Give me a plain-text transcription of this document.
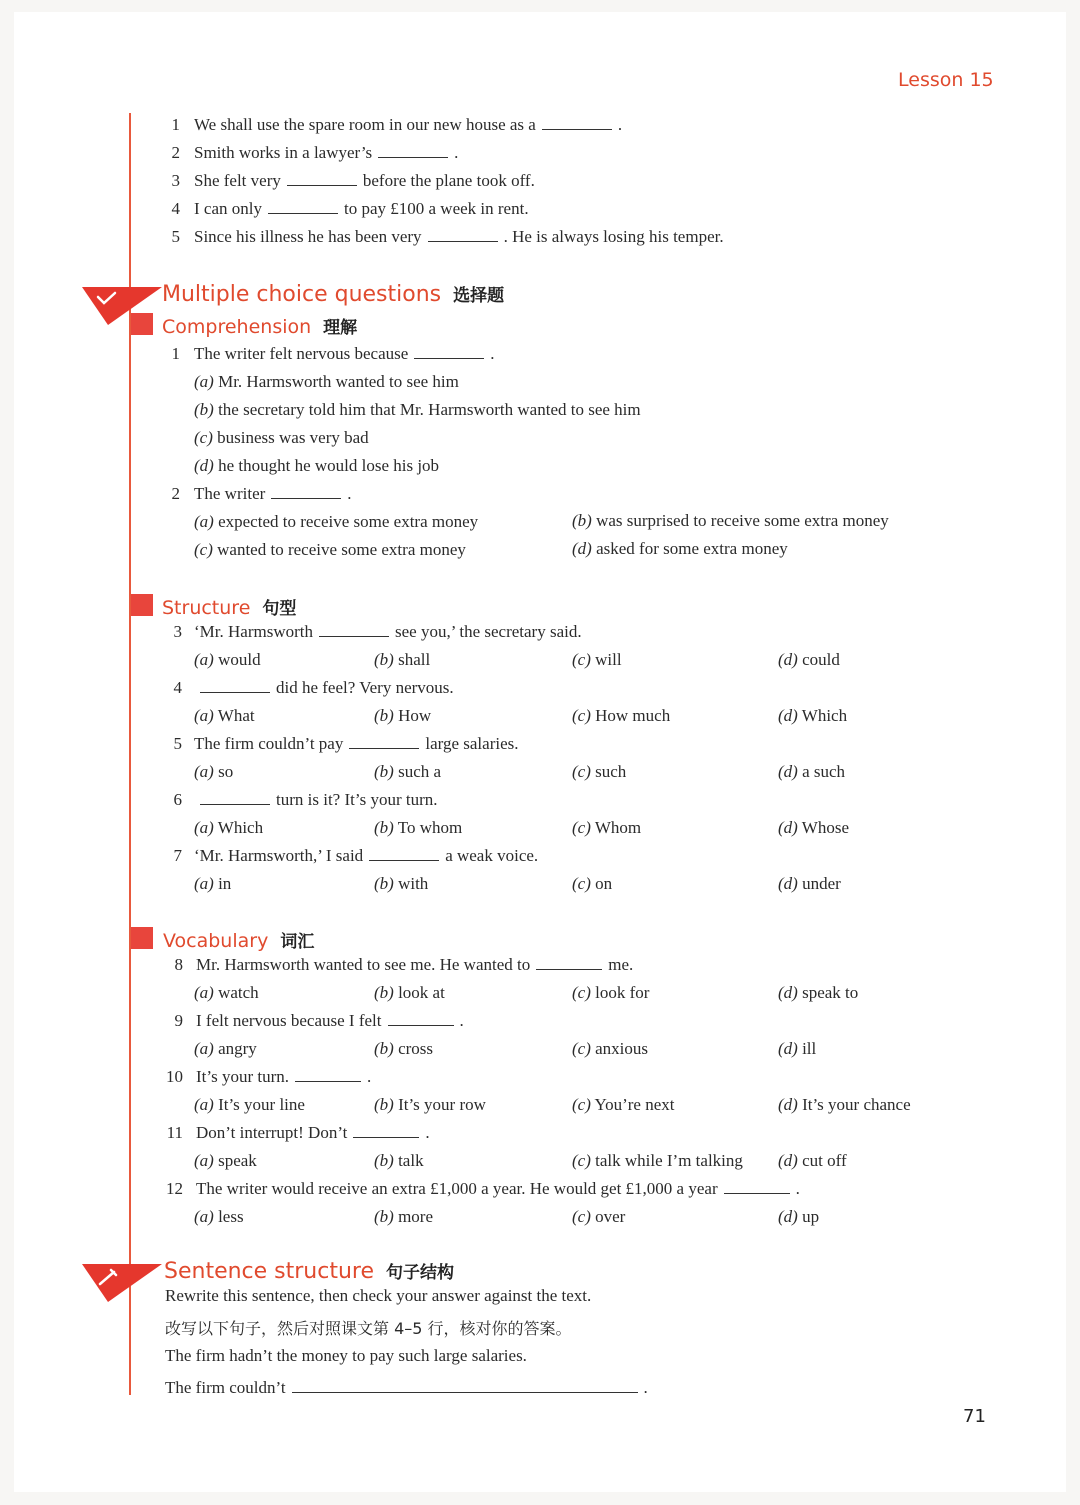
Lesson 15
1 We shall use the spare room in our new house as a	.
2 Smith works in a lawyer’s	.
3 She felt very	before the plane took off.
4 I can only	to pay £100 a week in rent.
5 Since his illness he has been very	. He is always losing his temper.
Multiple choice questions 选择题
Comprehension 理解
1 The writer felt nervous because	.
(a) Mr. Harmsworth wanted to see him
(b) the secretary told him that Mr. Harmsworth wanted to see him
(c) business was very bad
(d) he thought he would lose his job
2 The writer	.
(a) expected to receive some extra money	(b) was surprised to receive some extra money
(c) wanted to receive some extra money	(d) asked for some extra money
Structure 句型
3 ‘Mr. Harmsworth	see you,’ the secretary said.
(a) would	(b) shall	(c) will	(d) could
4	did he feel? Very nervous.
(a) What	(b) How	(c) How much	(d) Which
5 The firm couldn’t pay	large salaries.
(a) so	(b) such a	(c) such	(d) a such
6	turn is it? It’s your turn.
(a) Which	(b) To whom	(c) Whom	(d) Whose
7 ‘Mr. Harmsworth,’ I said	a weak voice.
(a) in	(b) with	(c) on	(d) under
Vocabulary 词汇
8 Mr. Harmsworth wanted to see me. He wanted to	me.
(a) watch	(b) look at	(c) look for	(d) speak to
9 I felt nervous because I felt	.
(a) angry	(b) cross	(c) anxious	(d) ill
10 It’s your turn.	.
(a) It’s your line	(b) It’s your row	(c) You’re next	(d) It’s your chance
11 Don’t interrupt! Don’t	.
(a) speak	(b) talk	(c) talk while I’m talking (d) cut off
12 The writer would receive an extra £1,000 a year. He would get £1,000 a year	.
(a) less	(b) more	(c) over	(d) up
Sentence structure 句子结构
Rewrite this sentence, then check your answer against the text.
改写以下句子，然后对照课文第 4–5 行，核对你的答案。
The firm hadn’t the money to pay such large salaries.
The firm couldn’t	.
71
